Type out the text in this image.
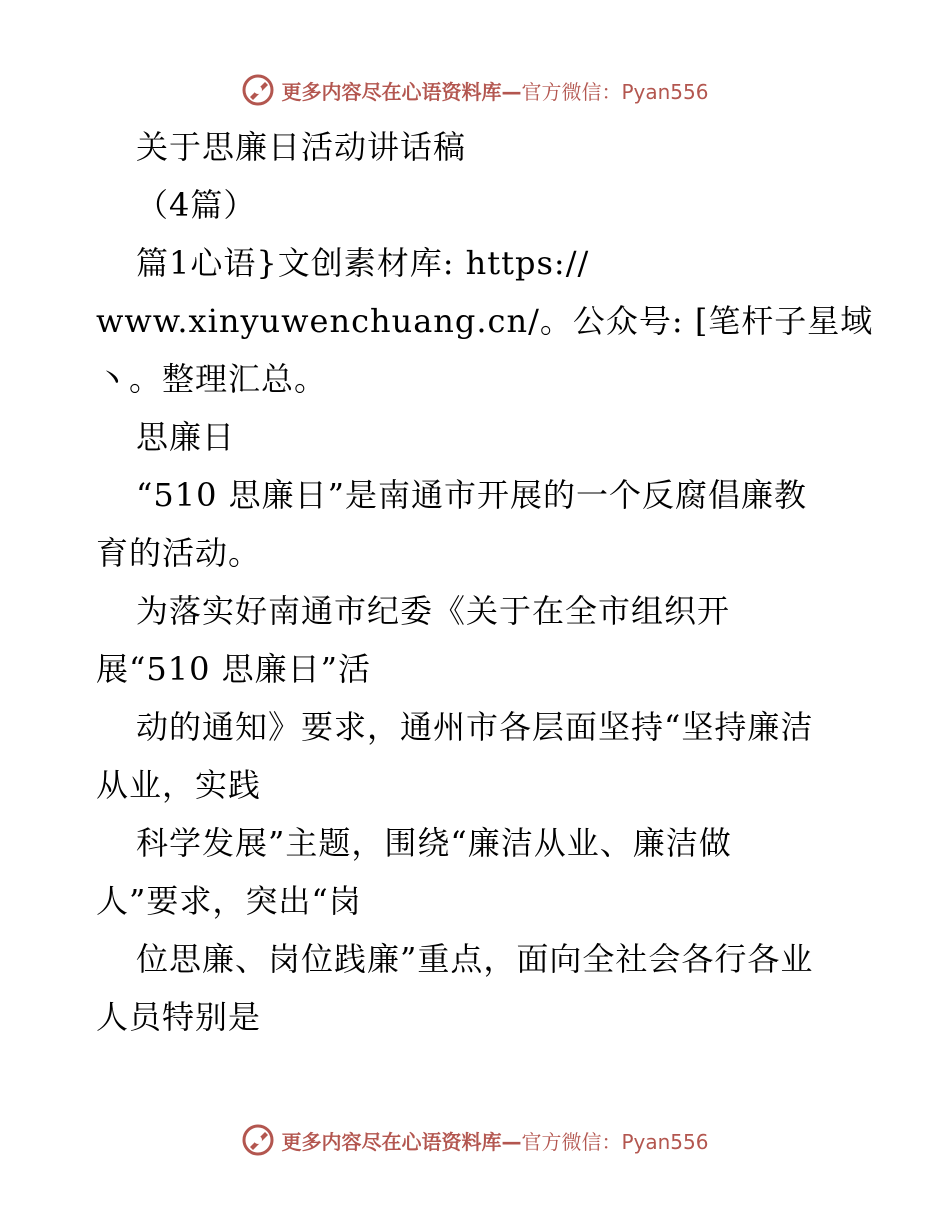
更多内容尽在心语资料库— 官方微信：Pyan556
关于思廉日活动讲话稿
（4篇）
篇1心语}文创素材库: https://
www.xinyuwenchuang.cn/。公众号: [笔杆子星域
丶。整理汇总。
思廉日
“510 思廉日”是南通市开展的一个反腐倡廉教
育的活动。
为落实好南通市纪委《关于在全市组织开
展“510 思廉日”活
动的通知》要求，通州市各层面坚持“坚持廉洁
从业，实践
科学发展”主题，围绕“廉洁从业、廉洁做
人”要求，突出“岗
位思廉、岗位践廉”重点，面向全社会各行各业
人员特别是
更多内容尽在心语资料库— 官方微信：Pyan556
